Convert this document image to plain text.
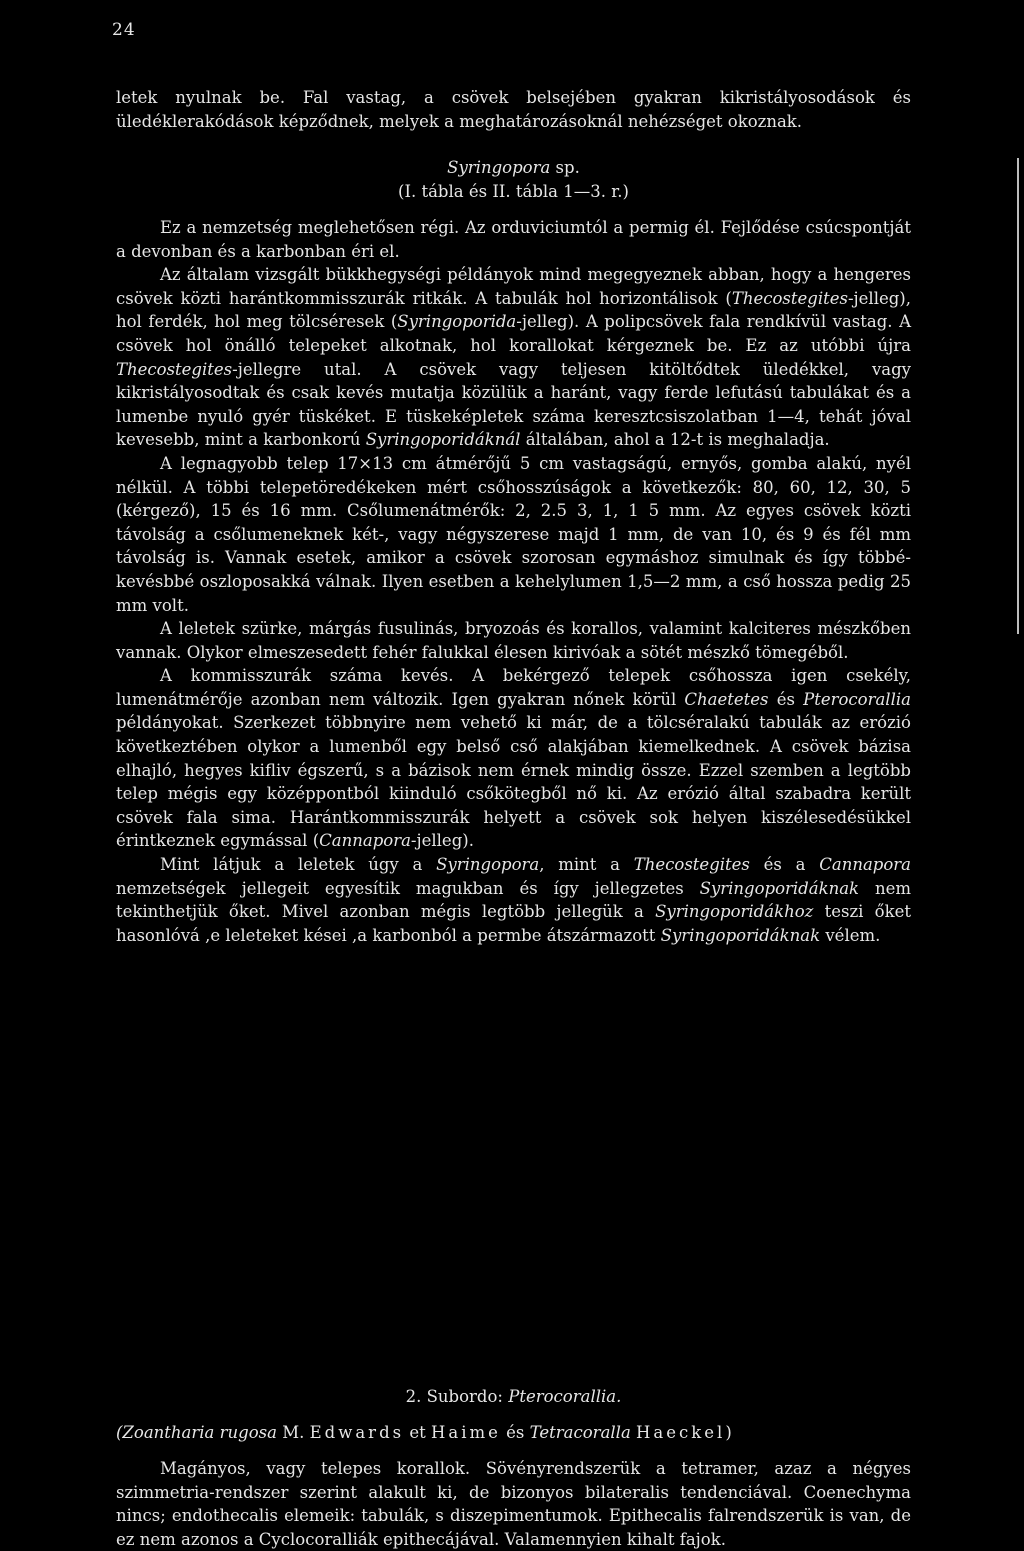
24

letek nyulnak be. Fal vastag, a csövek belsejében gyakran kikristályosodások és üledéklerakódások képződnek, melyek a meghatározásoknál nehézséget okoznak.

Syringopora sp.
(I. tábla és II. tábla 1—3. r.)

Ez a nemzetség meglehetősen régi. Az orduviciumtól a permig él. Fejlődése csúcspontját a devonban és a karbonban éri el.

Az általam vizsgált bükkhegységi példányok mind megegyeznek abban, hogy a hengeres csövek közti harántkommisszurák ritkák. A tabulák hol horizontálisok (Thecostegites-jelleg), hol ferdék, hol meg tölcséresek (Syringoporida-jelleg). A polipcsövek fala rendkívül vastag. A csövek hol önálló telepeket alkotnak, hol korallokat kérgeznek be. Ez az utóbbi újra Thecostegites-jellegre utal. A csövek vagy teljesen kitöltődtek üledékkel, vagy kikristályosodtak és csak kevés mutatja közülük a haránt, vagy ferde lefutású tabulákat és a lumenbe nyuló gyér tüskéket. E tüskeképletek száma keresztcsiszolatban 1—4, tehát jóval kevesebb, mint a karbonkorú Syringoporidáknál általában, ahol a 12-t is meghaladja.

A legnagyobb telep 17×13 cm átmérőjű 5 cm vastagságú, ernyős, gomba alakú, nyél nélkül. A többi telepetöredékeken mért csőhosszúságok a következők: 80, 60, 12, 30, 5 (kérgező), 15 és 16 mm. Csőlumenátmérők: 2, 2.5 3, 1, 1 5 mm. Az egyes csövek közti távolság a csőlumeneknek két-, vagy négyszerese majd 1 mm, de van 10, és 9 és fél mm távolság is. Vannak esetek, amikor a csövek szorosan egymáshoz simulnak és így többé-kevésbbé oszloposakká válnak. Ilyen esetben a kehelylumen 1,5—2 mm, a cső hossza pedig 25 mm volt.

A leletek szürke, márgás fusulinás, bryozoás és korallos, valamint kalciteres mészkőben vannak. Olykor elmeszesedett fehér falukkal élesen kirivóak a sötét mészkő tömegéből.

A kommisszurák száma kevés. A bekérgező telepek csőhossza igen csekély, lumenátmérője azonban nem változik. Igen gyakran nőnek körül Chaetetes és Pterocorallia példányokat. Szerkezet többnyire nem vehető ki már, de a tölcséralakú tabulák az erózió következtében olykor a lumenből egy belső cső alakjában kiemelkednek. A csövek bázisa elhajló, hegyes kifliv égszerű, s a bázisok nem érnek mindig össze. Ezzel szemben a legtöbb telep mégis egy középpontból kiinduló csőkötegből nő ki. Az erózió által szabadra került csövek fala sima. Harántkommisszurák helyett a csövek sok helyen kiszélesedésükkel érintkeznek egymással (Cannapora-jelleg).

Mint látjuk a leletek úgy a Syringopora, mint a Thecostegites és a Cannapora nemzetségek jellegeit egyesítik magukban és így jellegzetes Syringoporidáknak nem tekinthetjük őket. Mivel azonban mégis legtöbb jellegük a Syringoporidákhoz teszi őket hasonlóvá ,e leleteket kései ,a karbonból a permbe átszármazott Syringoporidáknak vélem.

2. Subordo: Pterocorallia.

(Zoantharia rugosa M. Edwards et Haime és Tetracoralla Haeckel)

Magányos, vagy telepes korallok. Sövényrendszerük a tetramer, azaz a négyes szimmetria-rendszer szerint alakult ki, de bizonyos bilateralis tendenciával. Coenechyma nincs; endothecalis elemeik: tabulák, s diszepimentumok. Epithecalis falrendszerük is van, de ez nem azonos a Cyclocoralliák epithecájával. Valamennyien kihalt fajok.
